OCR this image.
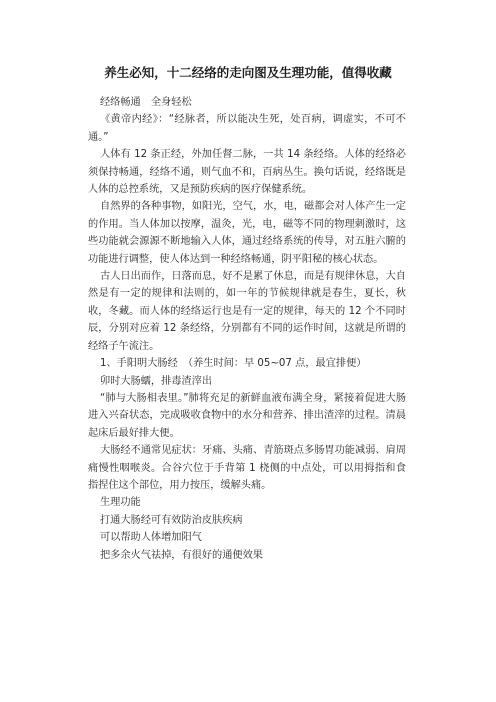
养生必知，十二经络的走向图及生理功能，值得收藏

经络畅通　全身轻松

《黄帝内经》：“经脉者，所以能决生死，处百病，调虚实，不可不通。”

人体有 12 条正经，外加任督二脉，一共 14 条经络。人体的经络必须保持畅通，经络不通，则气血不和，百病丛生。换句话说，经络既是人体的总控系统，又是预防疾病的医疗保健系统。

自然界的各种事物，如阳光，空气，水，电，磁都会对人体产生一定的作用。当人体加以按摩，温灸，光，电，磁等不同的物理刺激时，这些功能就会源源不断地输入人体，通过经络系统的传导，对五脏六腑的功能进行调整，使人体达到一种经络畅通，阴平阳秘的核心状态。

古人日出而作，日落而息，好不是累了休息，而是有规律休息，大自然是有一定的规律和法则的，如一年的节候规律就是春生，夏长，秋收，冬藏。而人体的经络运行也是有一定的规律，每天的 12 个不同时辰，分别对应着 12 条经络，分别都有不同的运作时间，这就是所谓的经络子午流注。

1、手阳明大肠经　（养生时间：早 05~07 点，最宜排便）

卯时大肠蠕，排毒渣滓出

“肺与大肠相表里。”肺将充足的新鲜血液布满全身，紧接着促进大肠进入兴奋状态，完成吸收食物中的水分和营养、排出渣滓的过程。清晨起床后最好排大便。

大肠经不通常见症状：牙痛、头痛、青筋斑点多肠胃功能减弱、肩周痛慢性咽喉炎。合谷穴位于手背第 1 桡侧的中点处，可以用拇指和食指捏住这个部位，用力按压，缓解头痛。

生理功能

打通大肠经可有效防治皮肤疾病

可以帮助人体增加阳气

把多余火气祛掉，有很好的通便效果
